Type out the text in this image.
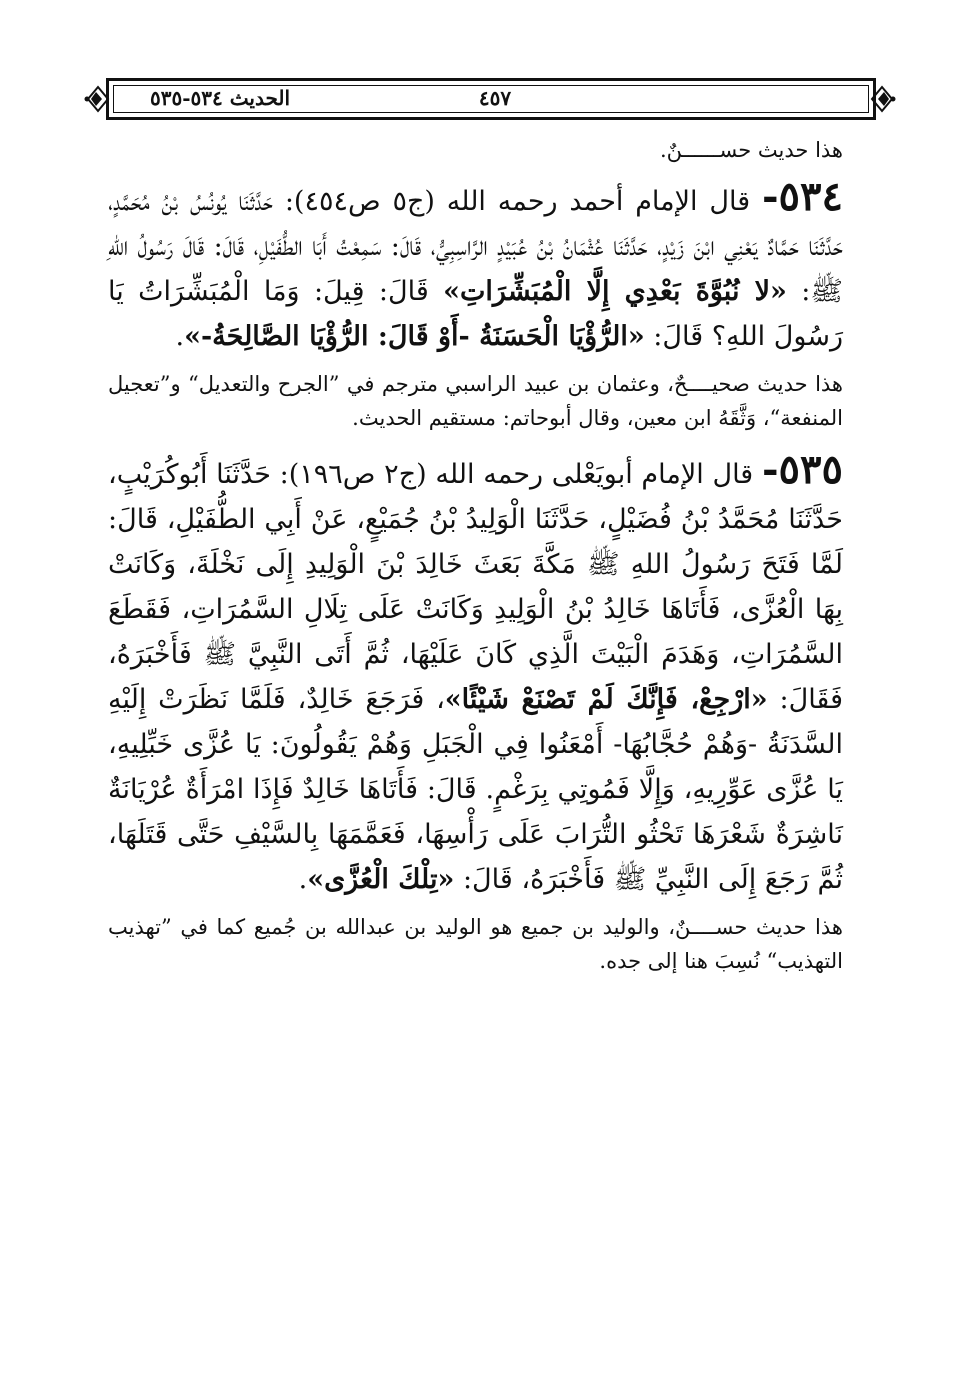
٤٥٧
الحديث ٥٣٤-٥٣٥

هذا حديث حســــــنٌ.

٥٣٤- قال الإمام أحمد رحمه الله (ج٥ ص٤٥٤): حَدَّثَنَا يُونُسُ بْنُ مُحَمَّدٍ، حَدَّثَنَا حَمَّادٌ يَعْنِي ابْنَ زَيْدٍ، حَدَّثَنَا عُثْمَانُ بْنُ عُبَيْدٍ الرَّاسِبِيُّ، قَالَ: سَمِعْتُ أَبَا الطُّفَيْلِ، قَالَ: قَالَ رَسُولُ اللهِ ﷺ: «لا نُبُوَّةَ بَعْدِي إِلَّا الْمُبَشِّرَاتِ» قَالَ: قِيلَ: وَمَا الْمُبَشِّرَاتُ يَا رَسُولَ اللهِ؟ قَالَ: «الرُّؤْيَا الْحَسَنَةُ -أَوْ قَالَ: الرُّؤْيَا الصَّالِحَةُ-».

هذا حديث صحيــــحٌ، وعثمان بن عبيد الراسبي مترجم في ”الجرح والتعديل“ و”تعجيل المنفعة“، وَثَّقَهُ ابن معين، وقال أبوحاتم: مستقيم الحديث.

٥٣٥- قال الإمام أبويَعْلى رحمه الله (ج٢ ص١٩٦): حَدَّثَنَا أَبُوكُرَيْبٍ، حَدَّثَنَا مُحَمَّدُ بْنُ فُضَيْلٍ، حَدَّثَنَا الْوَلِيدُ بْنُ جُمَيْعٍ، عَنْ أَبِي الطُّفَيْلِ، قَالَ: لَمَّا فَتَحَ رَسُولُ اللهِ ﷺ مَكَّةَ بَعَثَ خَالِدَ بْنَ الْوَلِيدِ إِلَى نَخْلَةَ، وَكَانَتْ بِهَا الْعُزَّى، فَأَتَاهَا خَالِدُ بْنُ الْوَلِيدِ وَكَانَتْ عَلَى تِلَالِ السَّمُرَاتِ، فَقَطَعَ السَّمُرَاتِ، وَهَدَمَ الْبَيْتَ الَّذِي كَانَ عَلَيْهَا، ثُمَّ أَتَى النَّبِيَّ ﷺ فَأَخْبَرَهُ، فَقَالَ: «ارْجِعْ، فَإِنَّكَ لَمْ تَصْنَعْ شَيْئًا»، فَرَجَعَ خَالِدٌ، فَلَمَّا نَظَرَتْ إِلَيْهِ السَّدَنَةُ -وَهُمْ حُجَّابُهَا- أَمْعَنُوا فِي الْجَبَلِ وَهُمْ يَقُولُونَ: يَا عُزَّى خَبِّلِيهِ، يَا عُزَّى عَوِّرِيهِ، وَإِلَّا فَمُوتِي بِرَغْمٍ. قَالَ: فَأَتَاهَا خَالِدٌ فَإِذَا امْرَأَةٌ عُرْيَانَةٌ نَاشِرَةٌ شَعْرَهَا تَحْثُو التُّرَابَ عَلَى رَأْسِهَا، فَعَمَّمَهَا بِالسَّيْفِ حَتَّى قَتَلَهَا، ثُمَّ رَجَعَ إِلَى النَّبِيِّ ﷺ فَأَخْبَرَهُ، قَالَ: «تِلْكَ الْعُزَّى».

هذا حديث حســــنٌ، والوليد بن جميع هو الوليد بن عبدالله بن جُميع كما في ”تهذيب التهذيب“ نُسِبَ هنا إلى جده.
